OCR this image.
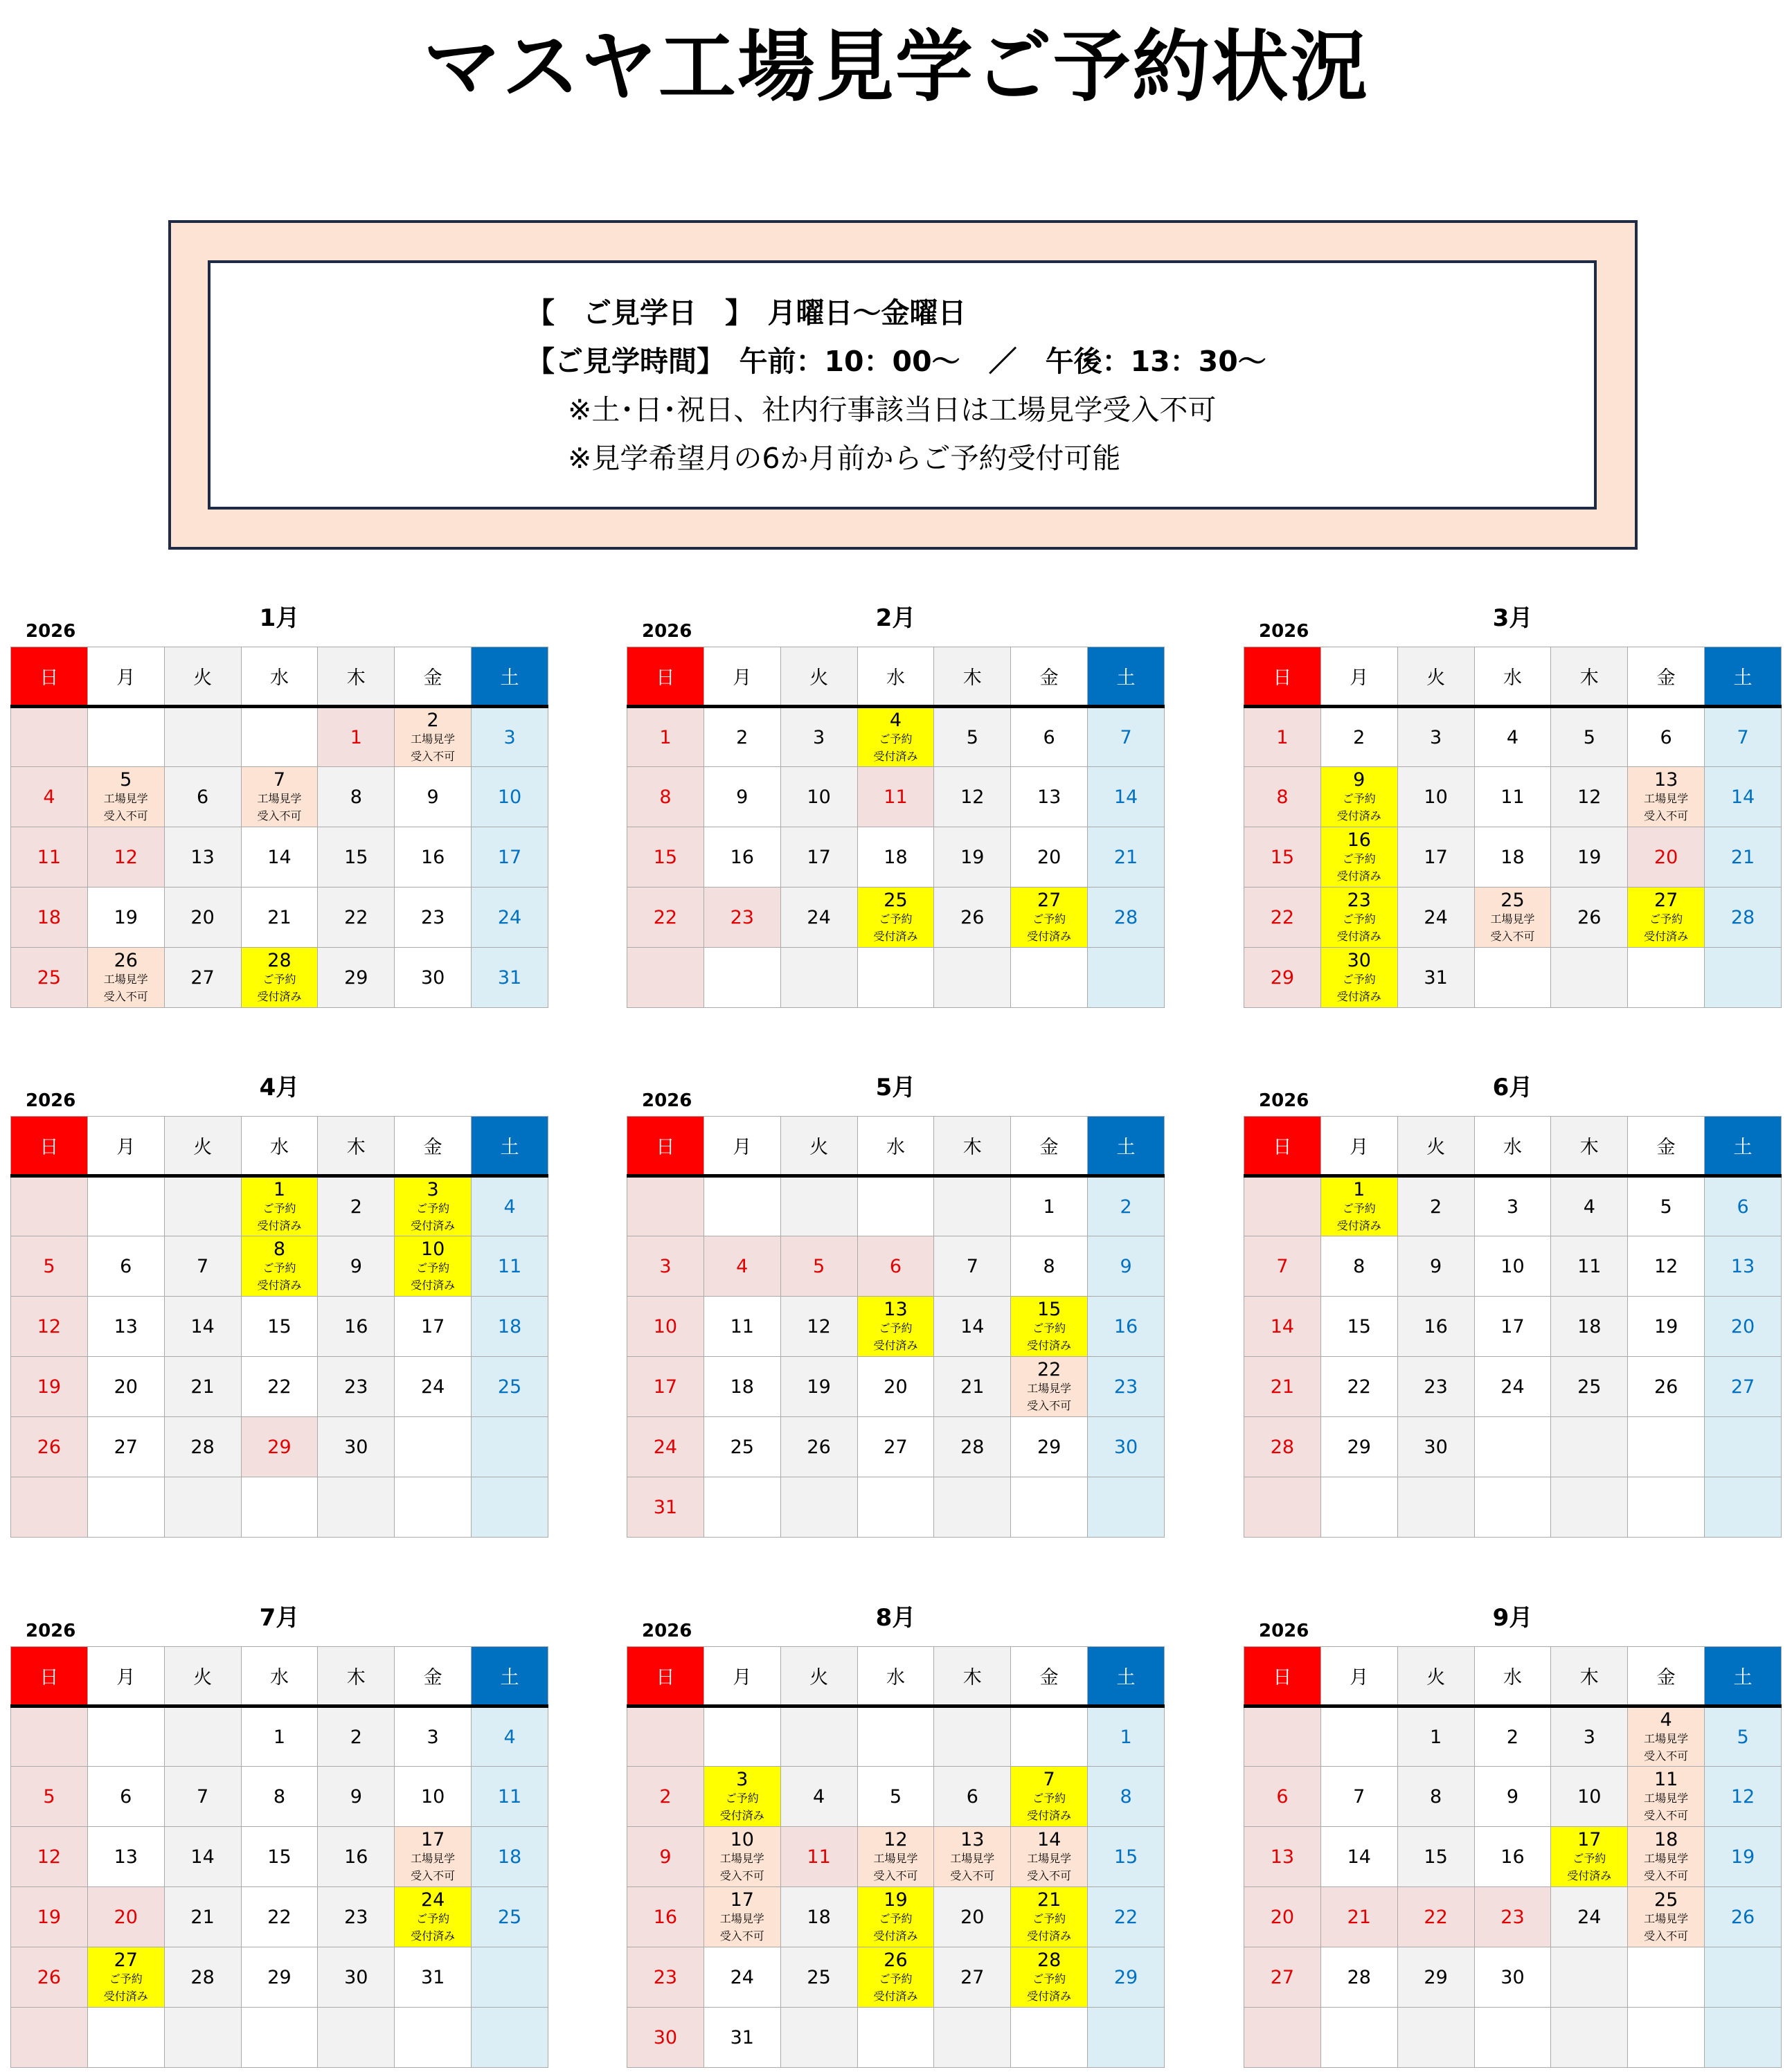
マスヤ工場見学ご予約状況
【　ご見学日　】　月曜日～金曜日
【ご見学時間】　午前：10：00～　／　午後：13：30～
※土･日･祝日、社内行事該当日は工場見学受入不可
※見学希望月の6か月前からご予約受付可能
1月
2026
日	月	火	水	木	金	土

				1	2
工場見学
受入不可	3

4	5
工場見学
受入不可	6	7
工場見学
受入不可	8	9	10

11	12	13	14	15	16	17

18	19	20	21	22	23	24

25	26
工場見学
受入不可	27	28
ご予約
受付済み	29	30	31
2月
2026
日	月	火	水	木	金	土

1	2	3	4
ご予約
受付済み	5	6	7

8	9	10	11	12	13	14

15	16	17	18	19	20	21

22	23	24	25
ご予約
受付済み	26	27
ご予約
受付済み	28

3月
2026
日	月	火	水	木	金	土

1	2	3	4	5	6	7

8	9
ご予約
受付済み	10	11	12	13
工場見学
受入不可	14

15	16
ご予約
受付済み	17	18	19	20	21

22	23
ご予約
受付済み	24	25
工場見学
受入不可	26	27
ご予約
受付済み	28

29	30
ご予約
受付済み	31				

4月
2026
日	月	火	水	木	金	土

			1
ご予約
受付済み	2	3
ご予約
受付済み	4

5	6	7	8
ご予約
受付済み	9	10
ご予約
受付済み	11

12	13	14	15	16	17	18

19	20	21	22	23	24	25

26	27	28	29	30		

5月
2026
日	月	火	水	木	金	土

					1	2

3	4	5	6	7	8	9

10	11	12	13
ご予約
受付済み	14	15
ご予約
受付済み	16

17	18	19	20	21	22
工場見学
受入不可	23

24	25	26	27	28	29	30

31						

6月
2026
日	月	火	水	木	金	土

	1
ご予約
受付済み	2	3	4	5	6

7	8	9	10	11	12	13

14	15	16	17	18	19	20

21	22	23	24	25	26	27

28	29	30				

7月
2026
日	月	火	水	木	金	土

			1	2	3	4

5	6	7	8	9	10	11

12	13	14	15	16	17
工場見学
受入不可	18

19	20	21	22	23	24
ご予約
受付済み	25

26	27
ご予約
受付済み	28	29	30	31	

8月
2026
日	月	火	水	木	金	土

						1

2	3
ご予約
受付済み	4	5	6	7
ご予約
受付済み	8

9	10
工場見学
受入不可	11	12
工場見学
受入不可	13
工場見学
受入不可	14
工場見学
受入不可	15

16	17
工場見学
受入不可	18	19
ご予約
受付済み	20	21
ご予約
受付済み	22

23	24	25	26
ご予約
受付済み	27	28
ご予約
受付済み	29

30	31					

9月
2026
日	月	火	水	木	金	土

		1	2	3	4
工場見学
受入不可	5

6	7	8	9	10	11
工場見学
受入不可	12

13	14	15	16	17
ご予約
受付済み	18
工場見学
受入不可	19

20	21	22	23	24	25
工場見学
受入不可	26

27	28	29	30			
